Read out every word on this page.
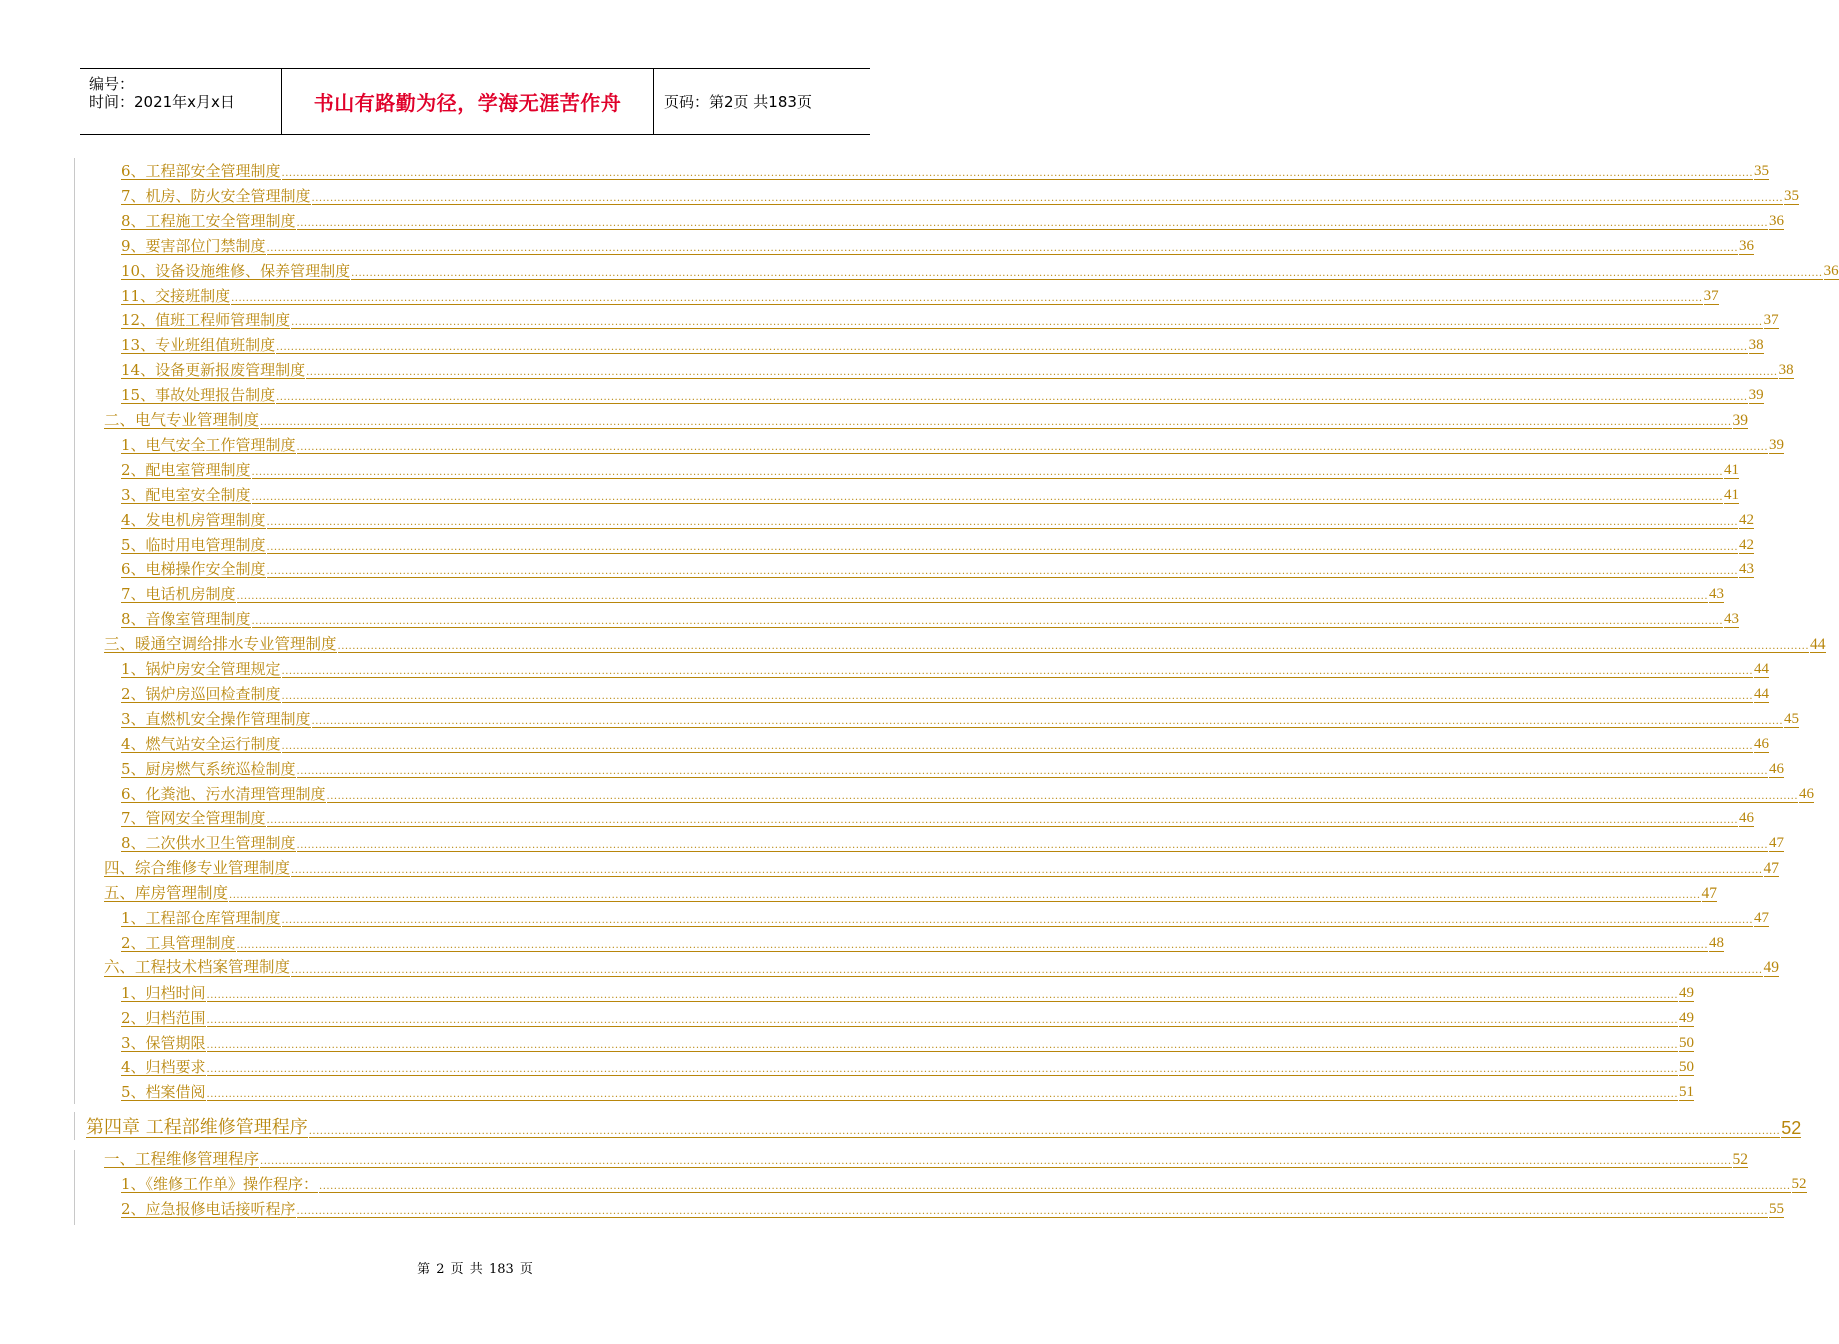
编号：
时间：2021年x月x日	书山有路勤为径，学海无涯苦作舟	页码：第2页 共183页
6、工程部安全管理制度 ................................................................................................................................................................................................................................................................................................................................................................................................................ 35
7、机房、防火安全管理制度 ................................................................................................................................................................................................................................................................................................................................................................................................................ 35
8、工程施工安全管理制度 ................................................................................................................................................................................................................................................................................................................................................................................................................ 36
9、要害部位门禁制度 ................................................................................................................................................................................................................................................................................................................................................................................................................ 36
10、设备设施维修、保养管理制度 ................................................................................................................................................................................................................................................................................................................................................................................................................ 36
11、交接班制度 ................................................................................................................................................................................................................................................................................................................................................................................................................ 37
12、值班工程师管理制度 ................................................................................................................................................................................................................................................................................................................................................................................................................ 37
13、专业班组值班制度 ................................................................................................................................................................................................................................................................................................................................................................................................................ 38
14、设备更新报废管理制度 ................................................................................................................................................................................................................................................................................................................................................................................................................ 38
15、事故处理报告制度 ................................................................................................................................................................................................................................................................................................................................................................................................................ 39
二、电气专业管理制度 ................................................................................................................................................................................................................................................................................................................................................................................................................ 39
1、电气安全工作管理制度 ................................................................................................................................................................................................................................................................................................................................................................................................................ 39
2、配电室管理制度 ................................................................................................................................................................................................................................................................................................................................................................................................................ 41
3、配电室安全制度 ................................................................................................................................................................................................................................................................................................................................................................................................................ 41
4、发电机房管理制度 ................................................................................................................................................................................................................................................................................................................................................................................................................ 42
5、临时用电管理制度 ................................................................................................................................................................................................................................................................................................................................................................................................................ 42
6、电梯操作安全制度 ................................................................................................................................................................................................................................................................................................................................................................................................................ 43
7、电话机房制度 ................................................................................................................................................................................................................................................................................................................................................................................................................ 43
8、音像室管理制度 ................................................................................................................................................................................................................................................................................................................................................................................................................ 43
三、暖通空调给排水专业管理制度 ................................................................................................................................................................................................................................................................................................................................................................................................................ 44
1、锅炉房安全管理规定 ................................................................................................................................................................................................................................................................................................................................................................................................................ 44
2、锅炉房巡回检查制度 ................................................................................................................................................................................................................................................................................................................................................................................................................ 44
3、直燃机安全操作管理制度 ................................................................................................................................................................................................................................................................................................................................................................................................................ 45
4、燃气站安全运行制度 ................................................................................................................................................................................................................................................................................................................................................................................................................ 46
5、厨房燃气系统巡检制度 ................................................................................................................................................................................................................................................................................................................................................................................................................ 46
6、化粪池、污水清理管理制度 ................................................................................................................................................................................................................................................................................................................................................................................................................ 46
7、管网安全管理制度 ................................................................................................................................................................................................................................................................................................................................................................................................................ 46
8、二次供水卫生管理制度 ................................................................................................................................................................................................................................................................................................................................................................................................................ 47
四、综合维修专业管理制度 ................................................................................................................................................................................................................................................................................................................................................................................................................ 47
五、库房管理制度 ................................................................................................................................................................................................................................................................................................................................................................................................................ 47
1、工程部仓库管理制度 ................................................................................................................................................................................................................................................................................................................................................................................................................ 47
2、工具管理制度 ................................................................................................................................................................................................................................................................................................................................................................................................................ 48
六、工程技术档案管理制度 ................................................................................................................................................................................................................................................................................................................................................................................................................ 49
1、归档时间 ................................................................................................................................................................................................................................................................................................................................................................................................................ 49
2、归档范围 ................................................................................................................................................................................................................................................................................................................................................................................................................ 49
3、保管期限 ................................................................................................................................................................................................................................................................................................................................................................................................................ 50
4、归档要求 ................................................................................................................................................................................................................................................................................................................................................................................................................ 50
5、档案借阅 ................................................................................................................................................................................................................................................................................................................................................................................................................ 51
第四章 工程部维修管理程序 ................................................................................................................................................................................................................................................................................................................................................................................................................ 52
一、工程维修管理程序 ................................................................................................................................................................................................................................................................................................................................................................................................................ 52
1、《维修工作单》操作程序： ................................................................................................................................................................................................................................................................................................................................................................................................................ 52
2、应急报修电话接听程序 ................................................................................................................................................................................................................................................................................................................................................................................................................ 55
第 2 页 共 183 页
